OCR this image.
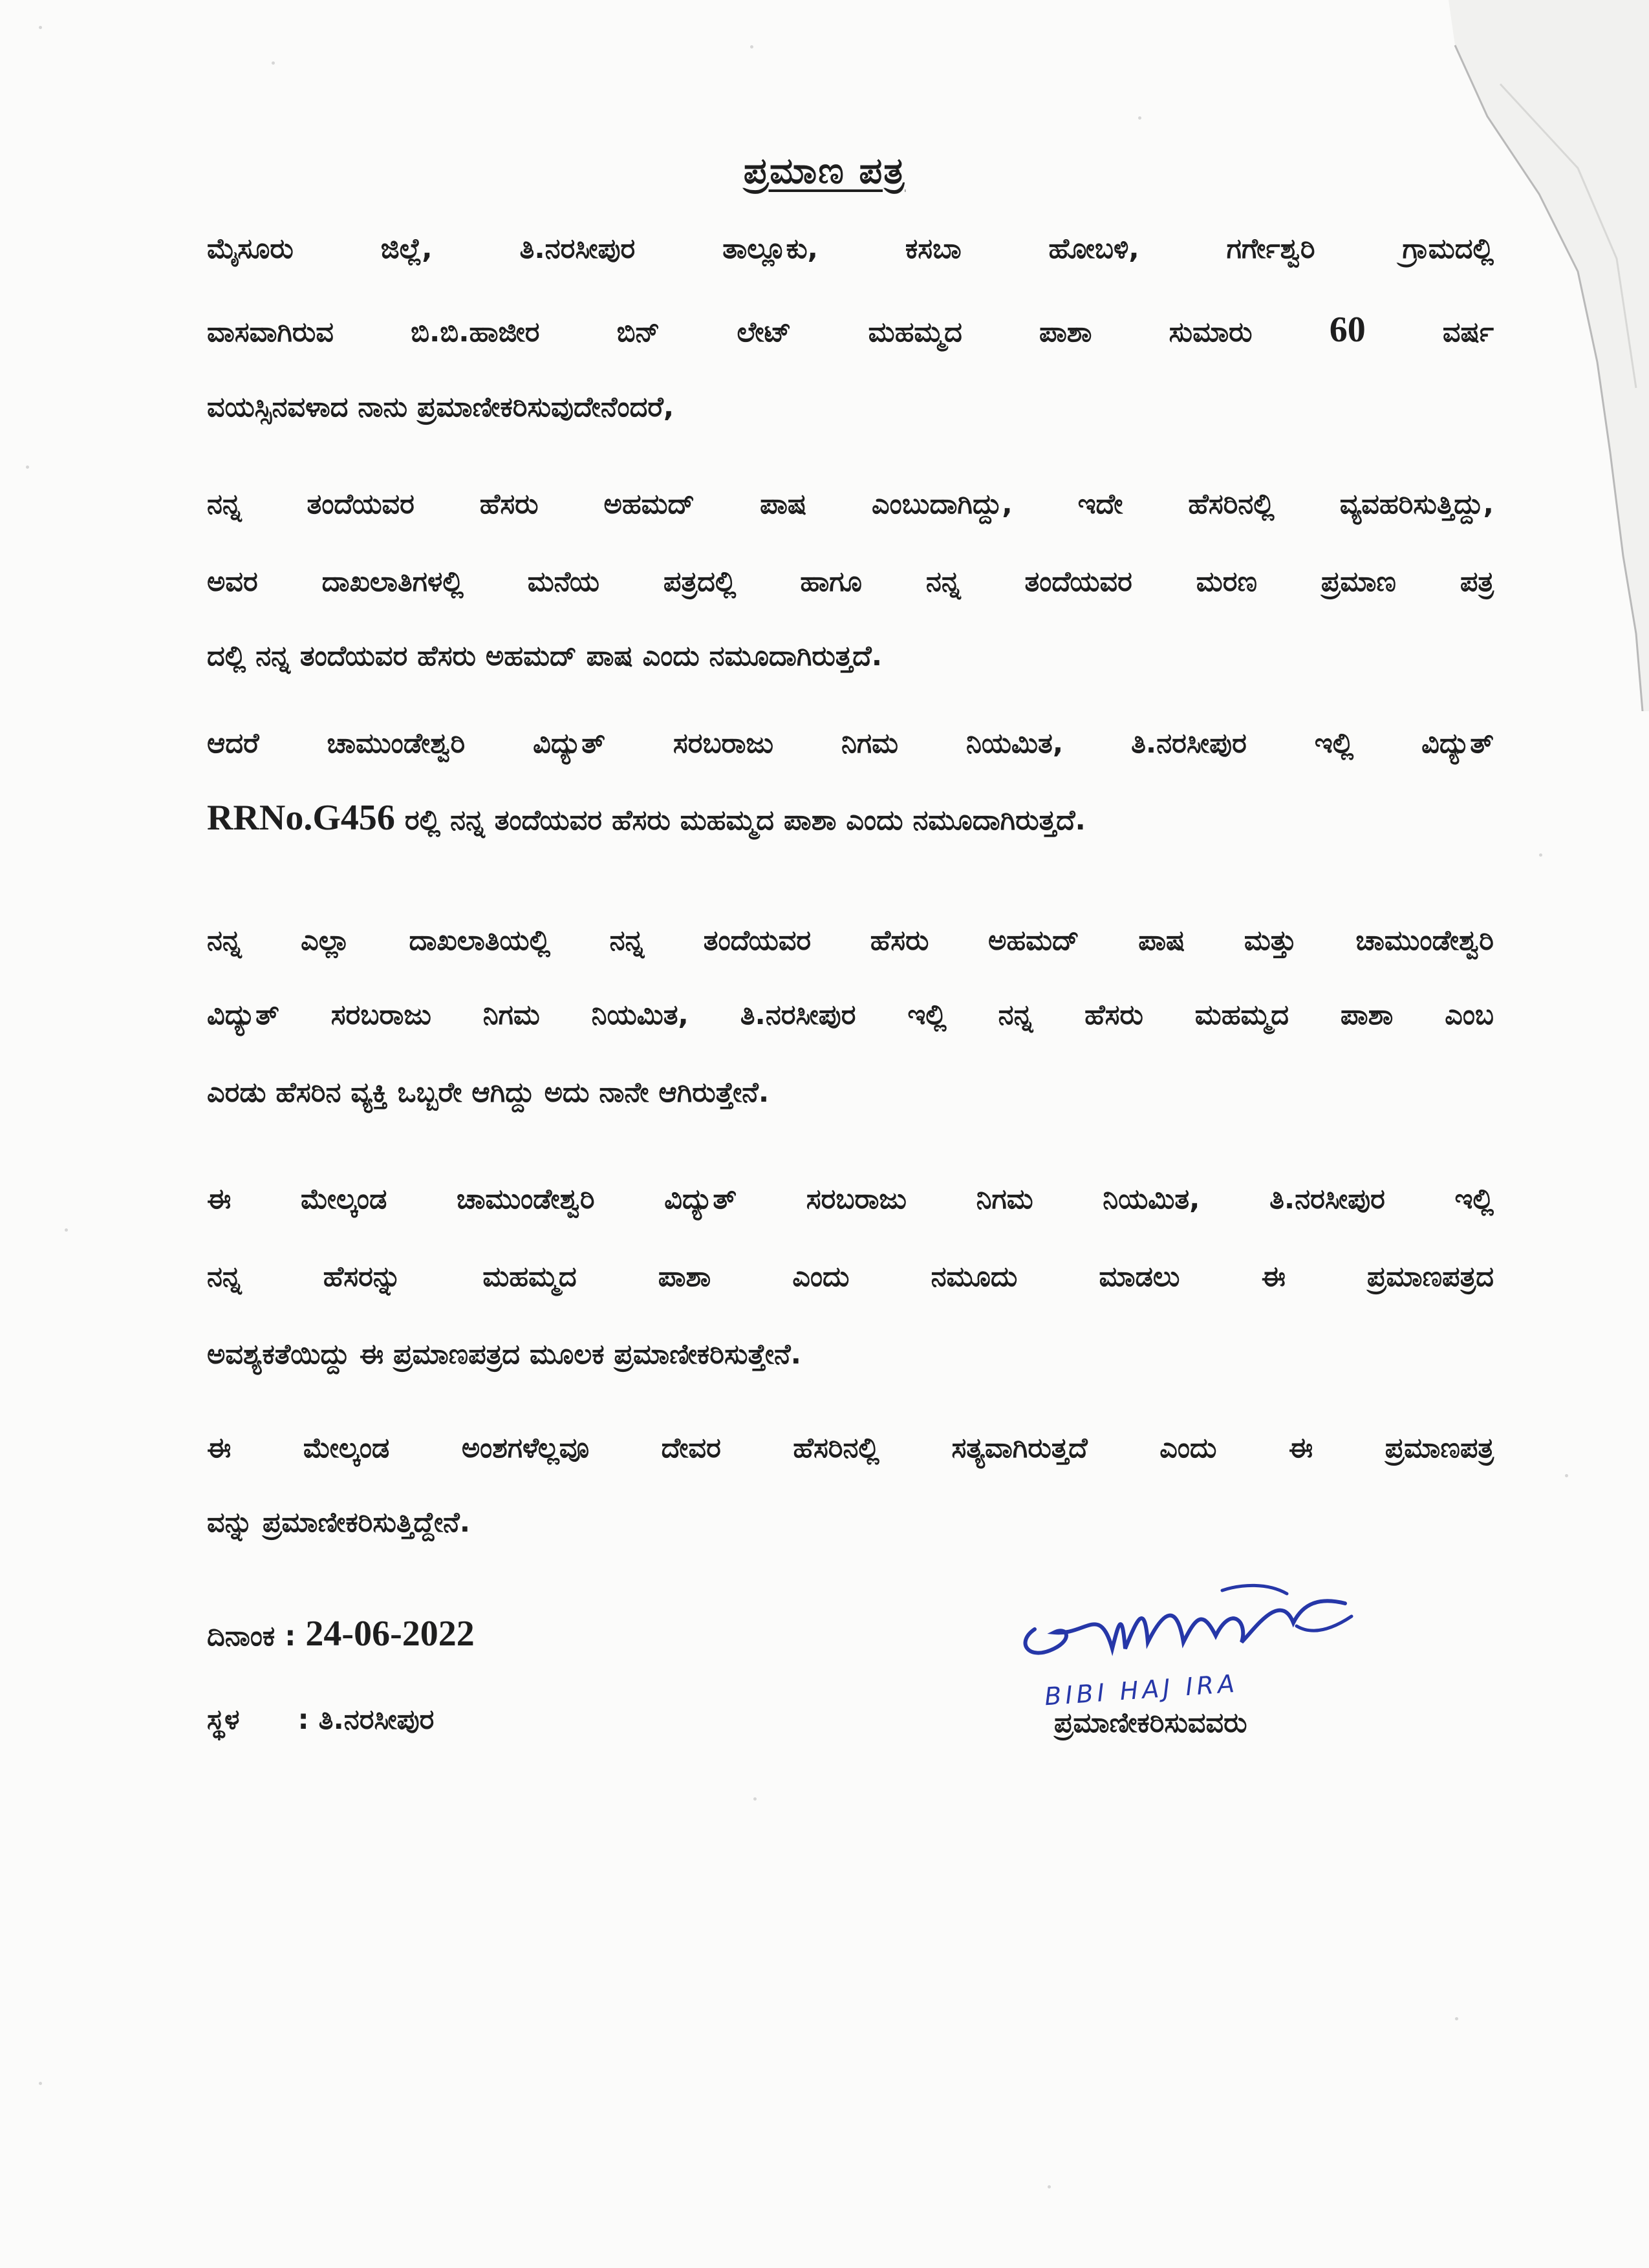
ಪ್ರಮಾಣ ಪತ್ರ
ಮೈಸೂರು ಜಿಲ್ಲೆ, ತಿ.ನರಸೀಪುರ ತಾಲ್ಲೂಕು, ಕಸಬಾ ಹೋಬಳಿ, ಗರ್ಗೇಶ್ವರಿ ಗ್ರಾಮದಲ್ಲಿ
ವಾಸವಾಗಿರುವ ಬಿ.ಬಿ.ಹಾಜೀರ ಬಿನ್ ಲೇಟ್ ಮಹಮ್ಮದ ಪಾಶಾ ಸುಮಾರು 60	ವರ್ಷ
ವಯಸ್ಸಿನವಳಾದ ನಾನು ಪ್ರಮಾಣೀಕರಿಸುವುದೇನೆಂದರೆ,
ನನ್ನ ತಂದೆಯವರ ಹೆಸರು ಅಹಮದ್ ಪಾಷ ಎಂಬುದಾಗಿದ್ದು, ಇದೇ ಹೆಸರಿನಲ್ಲಿ ವ್ಯವಹರಿಸುತ್ತಿದ್ದು,
ಅವರ ದಾಖಲಾತಿಗಳಲ್ಲಿ ಮನೆಯ ಪತ್ರದಲ್ಲಿ ಹಾಗೂ ನನ್ನ ತಂದೆಯವರ ಮರಣ ಪ್ರಮಾಣ ಪತ್ರ
ದಲ್ಲಿ ನನ್ನ ತಂದೆಯವರ ಹೆಸರು ಅಹಮದ್ ಪಾಷ ಎಂದು ನಮೂದಾಗಿರುತ್ತದೆ.
ಆದರೆ ಚಾಮುಂಡೇಶ್ವರಿ ವಿದ್ಯುತ್ ಸರಬರಾಜು ನಿಗಮ ನಿಯಮಿತ, ತಿ.ನರಸೀಪುರ ಇಲ್ಲಿ ವಿದ್ಯುತ್
RRNo.G456 ರಲ್ಲಿ ನನ್ನ ತಂದೆಯವರ ಹೆಸರು ಮಹಮ್ಮದ ಪಾಶಾ ಎಂದು ನಮೂದಾಗಿರುತ್ತದೆ.
ನನ್ನ ಎಲ್ಲಾ ದಾಖಲಾತಿಯಲ್ಲಿ ನನ್ನ ತಂದೆಯವರ ಹೆಸರು ಅಹಮದ್ ಪಾಷ ಮತ್ತು ಚಾಮುಂಡೇಶ್ವರಿ
ವಿದ್ಯುತ್ ಸರಬರಾಜು ನಿಗಮ ನಿಯಮಿತ, ತಿ.ನರಸೀಪುರ ಇಲ್ಲಿ ನನ್ನ ಹೆಸರು ಮಹಮ್ಮದ ಪಾಶಾ ಎಂಬ
ಎರಡು ಹೆಸರಿನ ವ್ಯಕ್ತಿ ಒಬ್ಬರೇ ಆಗಿದ್ದು ಅದು ನಾನೇ ಆಗಿರುತ್ತೇನೆ.
ಈ ಮೇಲ್ಕಂಡ ಚಾಮುಂಡೇಶ್ವರಿ ವಿದ್ಯುತ್ ಸರಬರಾಜು ನಿಗಮ ನಿಯಮಿತ, ತಿ.ನರಸೀಪುರ ಇಲ್ಲಿ
ನನ್ನ ಹೆಸರನ್ನು ಮಹಮ್ಮದ ಪಾಶಾ ಎಂದು ನಮೂದು ಮಾಡಲು ಈ ಪ್ರಮಾಣಪತ್ರದ
ಅವಶ್ಯಕತೆಯಿದ್ದು ಈ ಪ್ರಮಾಣಪತ್ರದ ಮೂಲಕ ಪ್ರಮಾಣೀಕರಿಸುತ್ತೇನೆ.
ಈ ಮೇಲ್ಕಂಡ ಅಂಶಗಳೆಲ್ಲವೂ ದೇವರ ಹೆಸರಿನಲ್ಲಿ ಸತ್ಯವಾಗಿರುತ್ತದೆ ಎಂದು ಈ ಪ್ರಮಾಣಪತ್ರ
ವನ್ನು ಪ್ರಮಾಣೀಕರಿಸುತ್ತಿದ್ದೇನೆ.
ದಿನಾಂಕ : 24-06-2022
ಸ್ಥಳ : ತಿ.ನರಸೀಪುರ
BIBI HAJ IRA
ಪ್ರಮಾಣೀಕರಿಸುವವರು
